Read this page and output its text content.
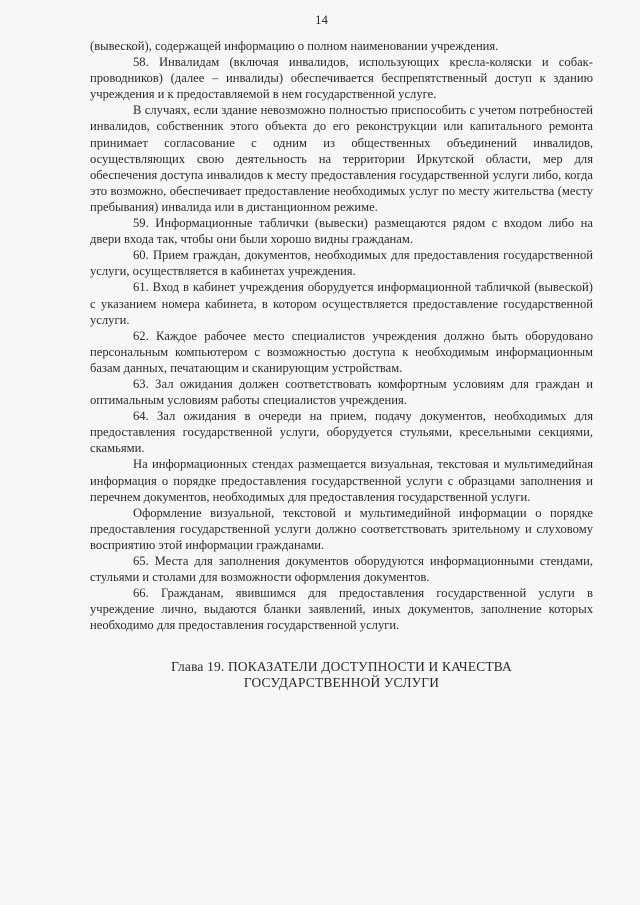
14

(вывеской), содержащей информацию о полном наименовании учреждения.

58. Инвалидам (включая инвалидов, использующих кресла-коляски и собак-проводников) (далее – инвалиды) обеспечивается беспрепятственный доступ к зданию учреждения и к предоставляемой в нем государственной услуге.

В случаях, если здание невозможно полностью приспособить с учетом потребностей инвалидов, собственник этого объекта до его реконструкции или капитального ремонта принимает согласование с одним из общественных объединений инвалидов, осуществляющих свою деятельность на территории Иркутской области, мер для обеспечения доступа инвалидов к месту предоставления государственной услуги либо, когда это возможно, обеспечивает предоставление необходимых услуг по месту жительства (месту пребывания) инвалида или в дистанционном режиме.

59. Информационные таблички (вывески) размещаются рядом с входом либо на двери входа так, чтобы они были хорошо видны гражданам.

60. Прием граждан, документов, необходимых для предоставления государственной услуги, осуществляется в кабинетах учреждения.

61. Вход в кабинет учреждения оборудуется информационной табличкой (вывеской) с указанием номера кабинета, в котором осуществляется предоставление государственной услуги.

62. Каждое рабочее место специалистов учреждения должно быть оборудовано персональным компьютером с возможностью доступа к необходимым информационным базам данных, печатающим и сканирующим устройствам.

63. Зал ожидания должен соответствовать комфортным условиям для граждан и оптимальным условиям работы специалистов учреждения.

64. Зал ожидания в очереди на прием, подачу документов, необходимых для предоставления государственной услуги, оборудуется стульями, кресельными секциями, скамьями.

На информационных стендах размещается визуальная, текстовая и мультимедийная информация о порядке предоставления государственной услуги с образцами заполнения и перечнем документов, необходимых для предоставления государственной услуги.

Оформление визуальной, текстовой и мультимедийной информации о порядке предоставления государственной услуги должно соответствовать зрительному и слуховому восприятию этой информации гражданами.

65. Места для заполнения документов оборудуются информационными стендами, стульями и столами для возможности оформления документов.

66. Гражданам, явившимся для предоставления государственной услуги в учреждение лично, выдаются бланки заявлений, иных документов, заполнение которых необходимо для предоставления государственной услуги.

Глава 19. ПОКАЗАТЕЛИ ДОСТУПНОСТИ И КАЧЕСТВА
ГОСУДАРСТВЕННОЙ УСЛУГИ
